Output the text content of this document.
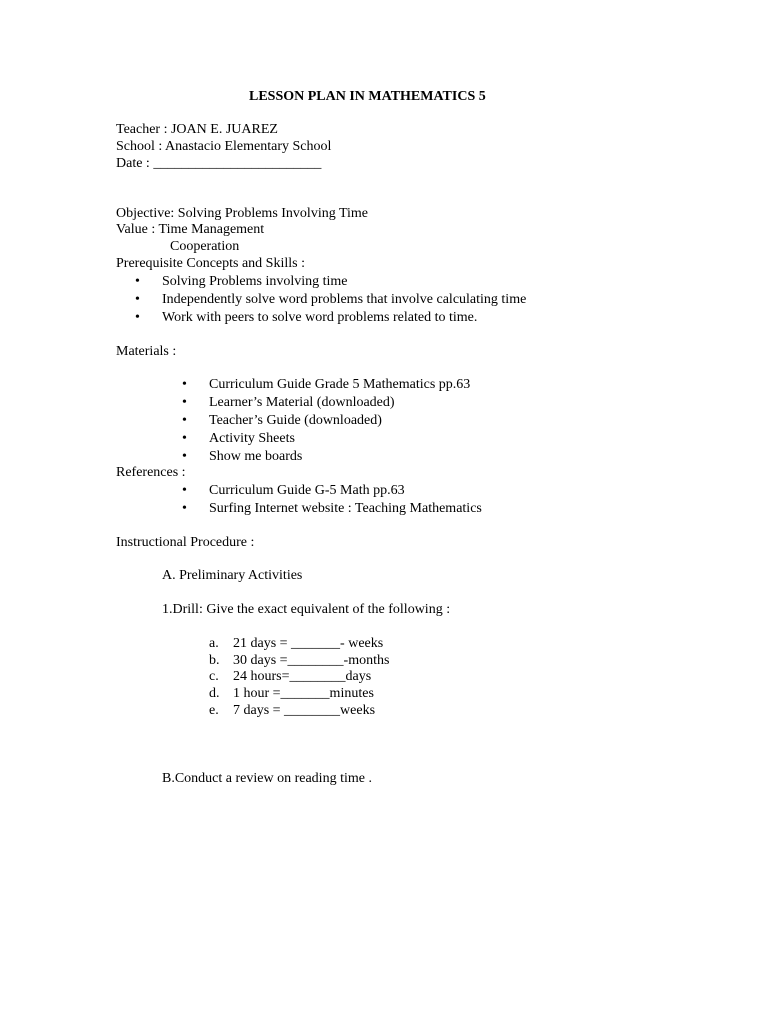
LESSON PLAN IN MATHEMATICS 5
Teacher : JOAN E. JUAREZ
School : Anastacio Elementary School
Date : ________________________
Objective: Solving Problems Involving Time
Value : Time Management
Cooperation
Prerequisite Concepts and Skills :
• Solving Problems involving time
• Independently solve word problems that involve calculating time
• Work with peers to solve word problems related to time.
Materials :
• Curriculum Guide Grade 5 Mathematics pp.63
• Learner’s Material (downloaded)
• Teacher’s Guide (downloaded)
• Activity Sheets
• Show me boards
References :
• Curriculum Guide G-5 Math pp.63
• Surfing Internet website : Teaching Mathematics
Instructional Procedure :
A. Preliminary Activities
1.Drill: Give the exact equivalent of the following :
a. 21 days = _______- weeks
b. 30 days =________-months
c. 24 hours=________days
d. 1 hour =_______minutes
e. 7 days = ________weeks
B.Conduct a review on reading time .
